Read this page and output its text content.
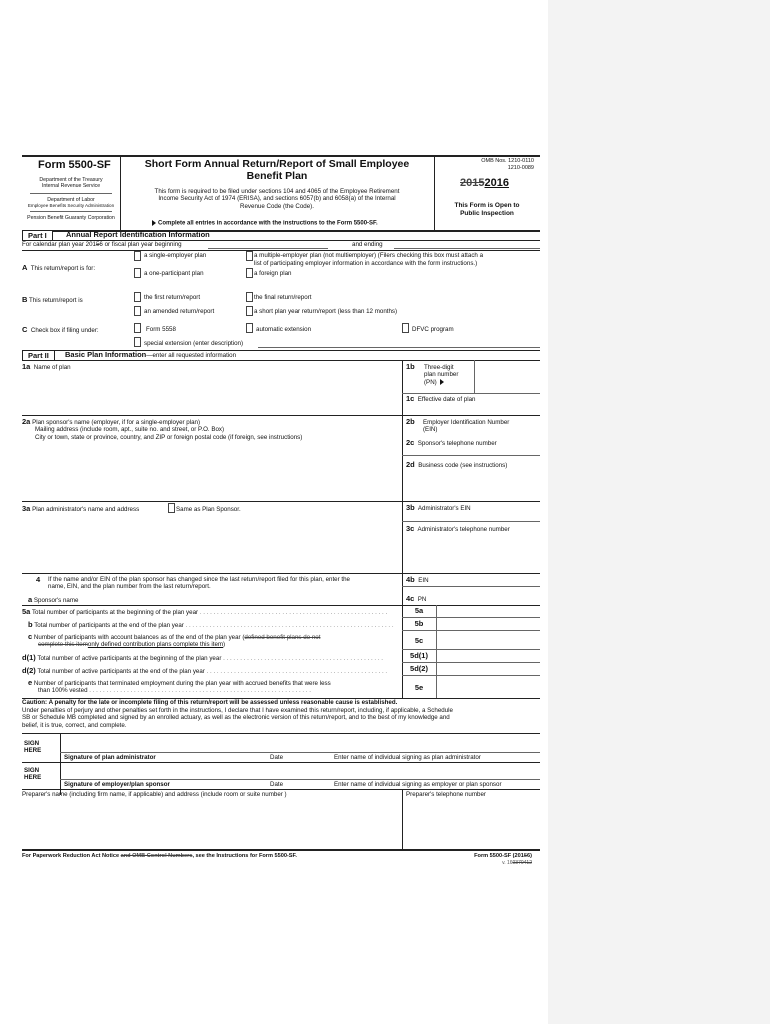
Form 5500-SF
Department of the Treasury
Internal Revenue Service
Department of Labor
Employee Benefits Security Administration
Pension Benefit Guaranty Corporation
Short Form Annual Return/Report of Small Employee
Benefit Plan
This form is required to be filed under sections 104 and 4065 of the Employee Retirement
Income Security Act of 1974 (ERISA), and sections 6057(b) and 6058(a) of the Internal
Revenue Code (the Code).
Complete all entries in accordance with the instructions to the Form 5500-SF.
OMB Nos. 1210-0110
1210-0089
20152016
This Form is Open to
Public Inspection
Part I	Annual Report Identification Information
For calendar plan year 20156 or fiscal plan year beginning	and ending
A This return/report is for:
a single-employer plan	a multiple-employer plan (not multiemployer) (Filers checking this box must attach a
list of participating employer information in accordance with the form instructions.)
a one-participant plan	a foreign plan
B This return/report is	the first return/report	the final return/report
an amended return/report	a short plan year return/report (less than 12 months)
C Check box if filing under:	Form 5558	automatic extension	DFVC program
special extension (enter description)
Part II	Basic Plan Information—enter all requested information
1a Name of plan	1b Three-digit
plan number
(PN)
1c Effective date of plan
2a Plan sponsor's name (employer, if for a single-employer plan)
Mailing address (include room, apt., suite no. and street, or P.O. Box)
City or town, state or province, country, and ZIP or foreign postal code (if foreign, see instructions)
2b Employer Identification Number
(EIN)
2c Sponsor's telephone number
2d Business code (see instructions)
3a Plan administrator's name and address	Same as Plan Sponsor.	3b Administrator's EIN
3c Administrator's telephone number
4 If the name and/or EIN of the plan sponsor has changed since the last return/report filed for this plan, enter the
name, EIN, and the plan number from the last return/report.
a Sponsor's name
4b EIN
4c PN
5a Total number of participants at the beginning of the plan year . . . . . . . . . . . . . . . . . . . . . . . . . . . . . . . . . . . . . . . . . . . . . . . . . . . . . . .	5a
b Total number of participants at the end of the plan year . . . . . . . . . . . . . . . . . . . . . . . . . . . . . . . . . . . . . . . . . . . . . . . . . . . . . . . . . . . . .	5b
c Number of participants with account balances as of the end of the plan year (defined benefit plans do not
complete this itemonly defined contribution plans complete this item)	5c
d(1) Total number of active participants at the beginning of the plan year . . . . . . . . . . . . . . . . . . . . . . . . . . . . . . . . . . . . . . . . . . . . . . .	5d(1)
d(2) Total number of active participants at the end of the plan year . . . . . . . . . . . . . . . . . . . . . . . . . . . . . . . . . . . . . . . . . . . . . . . . . . . . .	5d(2)
e Number of participants that terminated employment during the plan year with accrued benefits that were less
than 100% vested . . . . . . . . . . . . . . . . . . . . . . . . . . . . . . . . . . . . . . . . . . . . . . . . . . . . . . . . . . . . . . . . .	5e
Caution: A penalty for the late or incomplete filing of this return/report will be assessed unless reasonable cause is established.
Under penalties of perjury and other penalties set forth in the instructions, I declare that I have examined this return/report, including, if applicable, a Schedule
SB or Schedule MB completed and signed by an enrolled actuary, as well as the electronic version of this return/report, and to the best of my knowledge and
belief, it is true, correct, and complete.
SIGN
HERE
Signature of plan administrator	Date	Enter name of individual signing as plan administrator
SIGN
HERE
Signature of employer/plan sponsor	Date	Enter name of individual signing as employer or plan sponsor
Preparer's name (including firm name, if applicable) and address (include room or suite number )	Preparer's telephone number
For Paperwork Reduction Act Notice and OMB Control Numbers, see the Instructions for Form 5500-SF.	Form 5500-SF (20156)
v. 160370412
